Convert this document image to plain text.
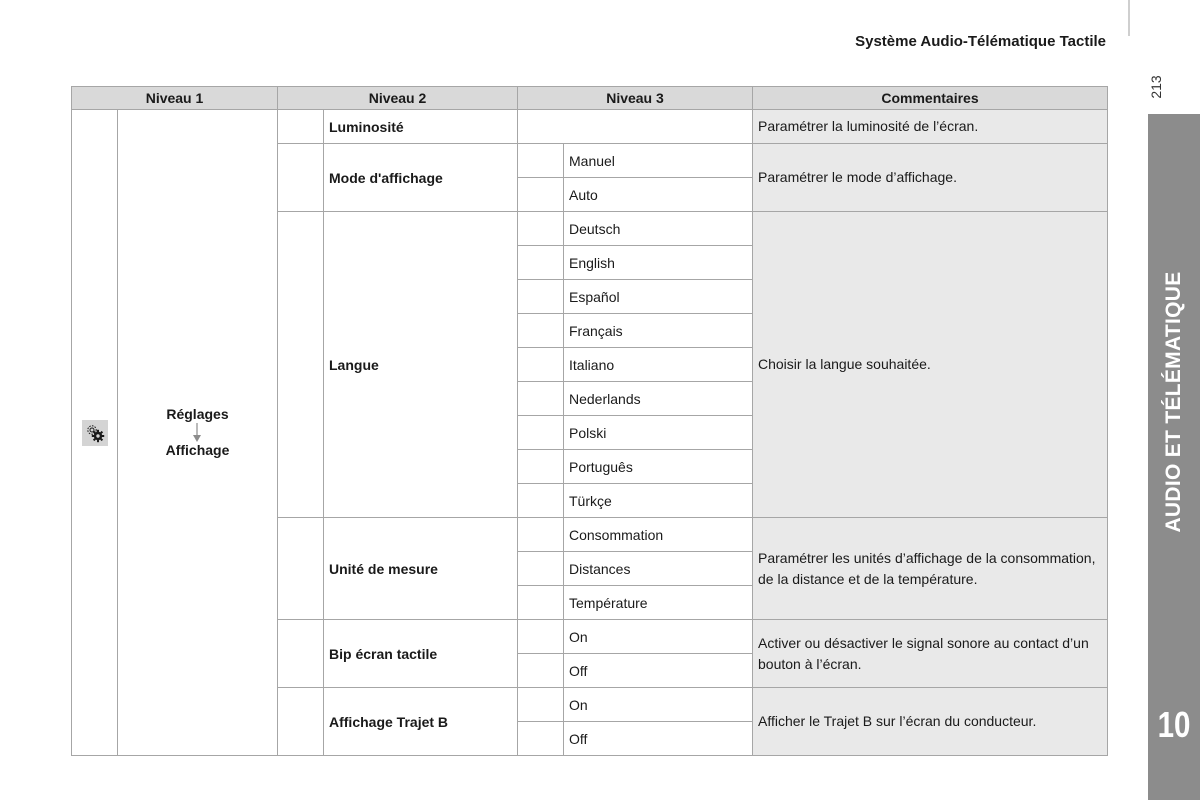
Système Audio-Télématique Tactile
213
AUDIO ET TÉLÉMATIQUE
10
Niveau 1		Niveau 2		Niveau 3		Commentaires

Réglages
Affichage		Luminosité			Paramétrer la luminosité de l’écran.
			Mode d'affichage		Manuel	Paramétrer le mode d’affichage.
					Auto	
			Langue		Deutsch	Choisir la langue souhaitée.
					English	
					Español	
					Français	
					Italiano	
					Nederlands	
					Polski	
					Português	
					Türkçe	
			Unité de mesure		Consommation	Paramétrer les unités d’affichage de la consommation, de la distance et de la température.
					Distances	
					Température	
			Bip écran tactile		On	Activer ou désactiver le signal sonore au contact d’un bouton à l’écran.
					Off	
			Affichage Trajet B		On	Afficher le Trajet B sur l’écran du conducteur.
					Off	
